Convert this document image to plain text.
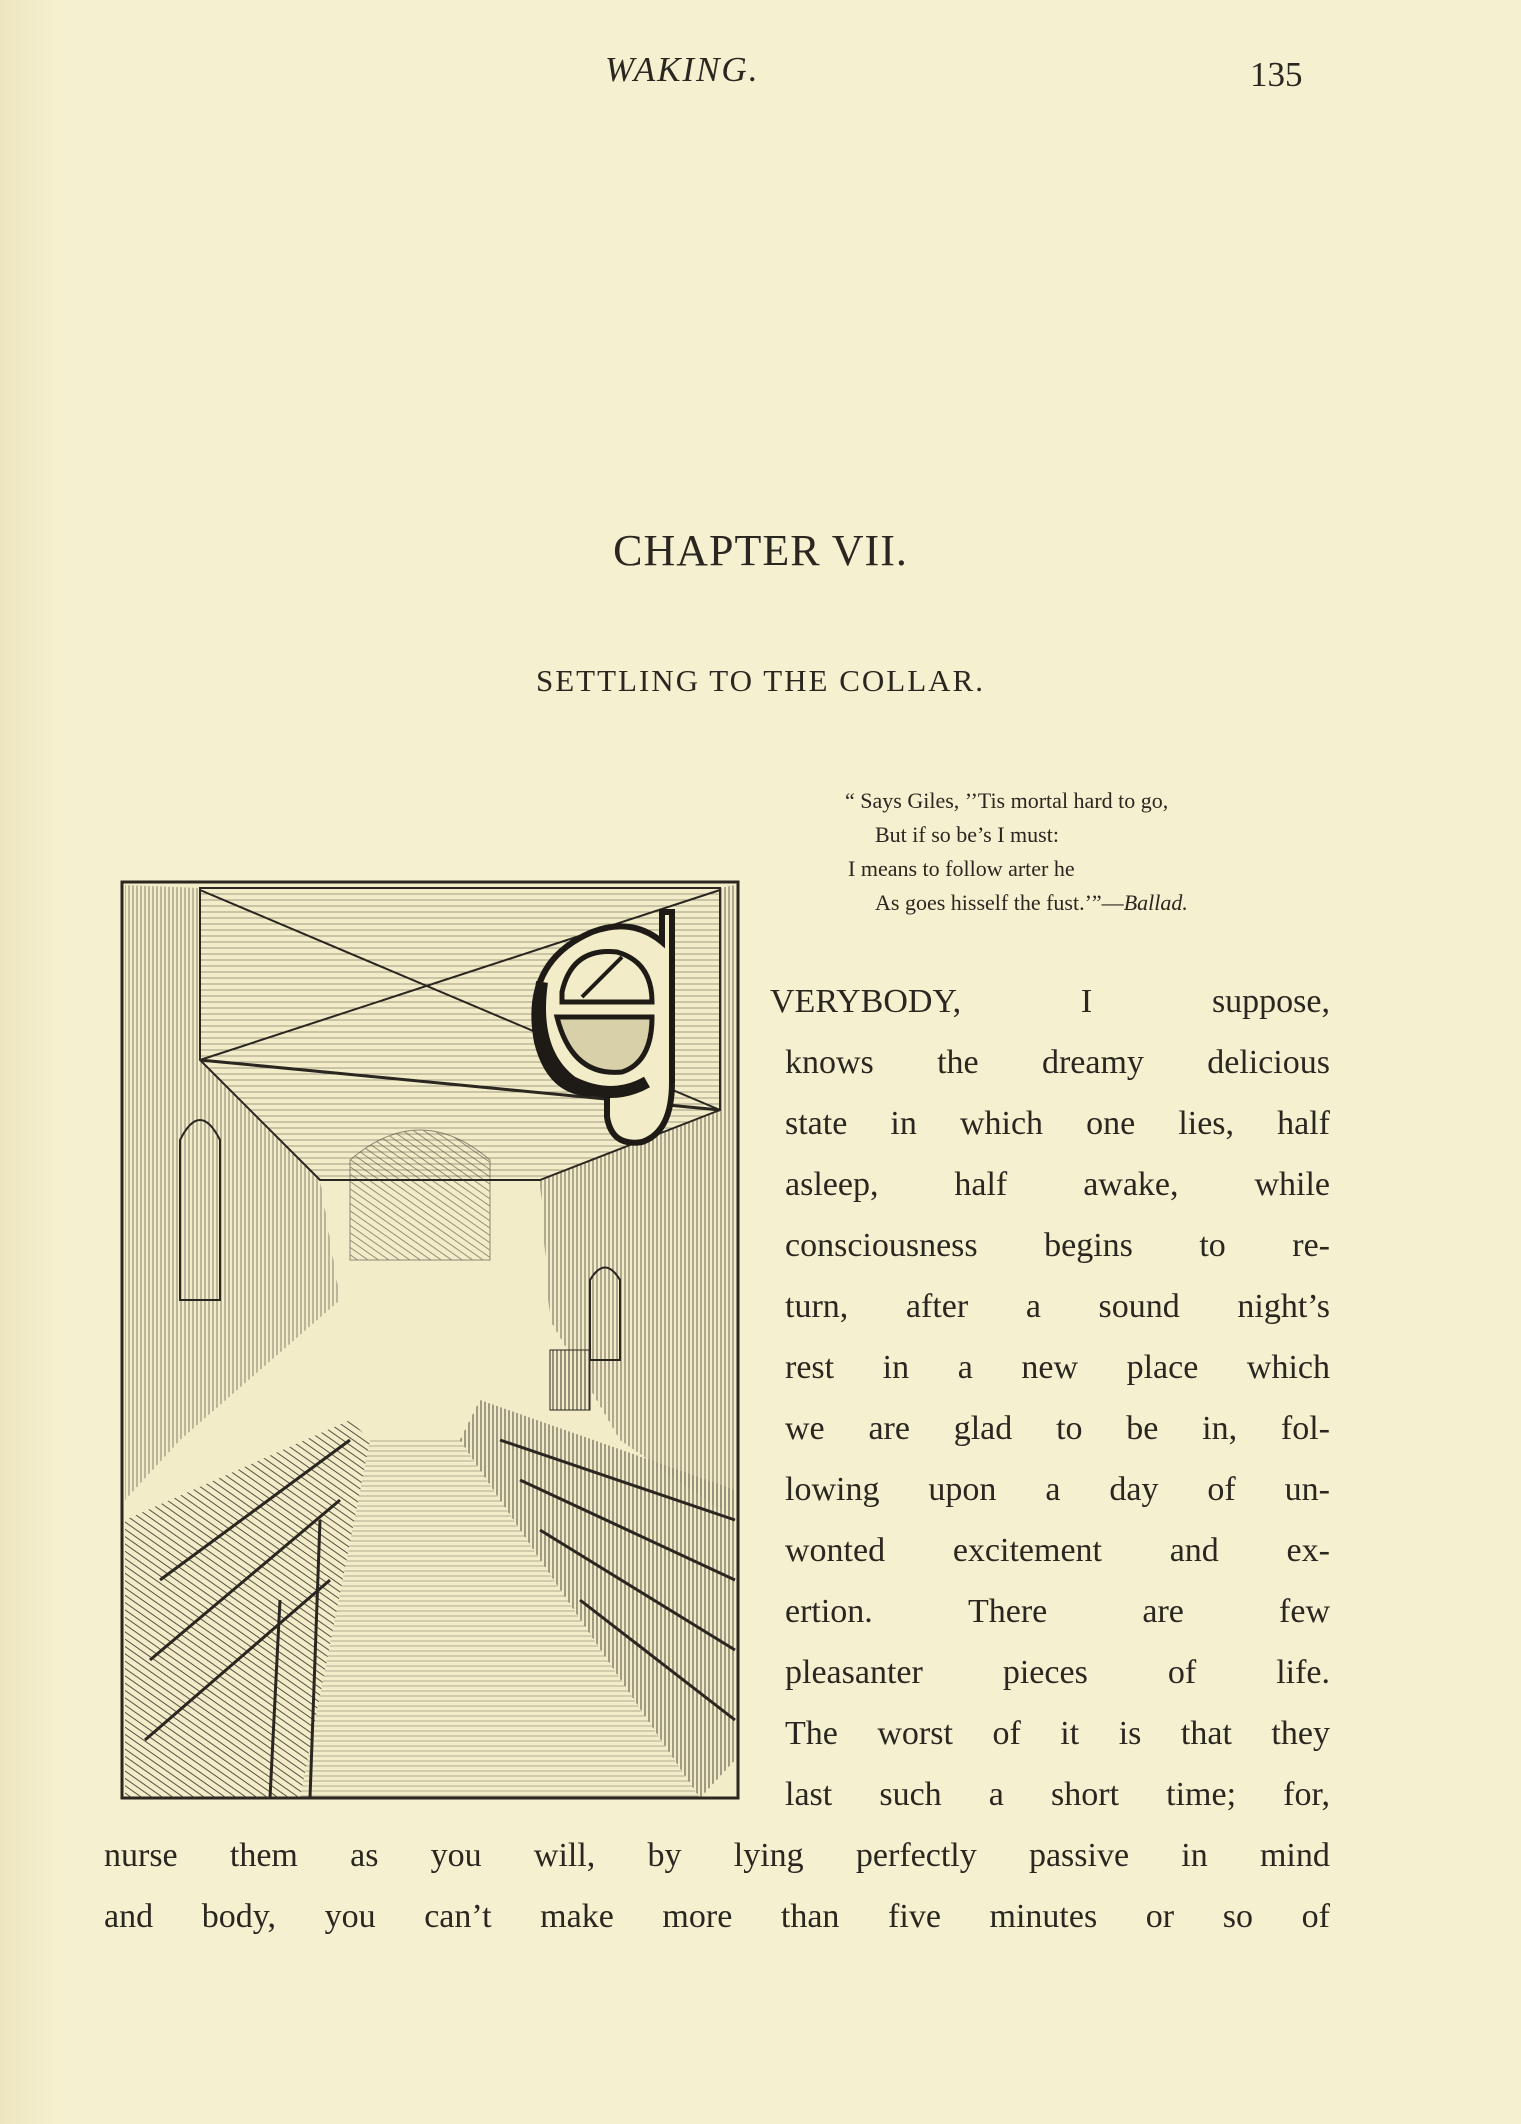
WAKING.	135
CHAPTER VII.
SETTLING TO THE COLLAR.
“ Says Giles, ’’Tis mortal hard to go,
But if so be’s I must:
I means to follow arter he
As goes hisself the fust.’”—Ballad.
VERYBODY,	I	suppose,
knows the dreamy delicious
state in which one lies, half
asleep, half awake, while
consciousness begins to re-
turn, after a sound night’s
rest in a new place which
we are glad to be in, fol-
lowing upon a day of un-
wonted excitement and ex-
ertion.	There	are	few
pleasanter pieces of life.
The worst of it is that they
last such a short time; for,
nurse them as you will, by lying perfectly passive in mind
and body, you can’t make more than five minutes or so of
